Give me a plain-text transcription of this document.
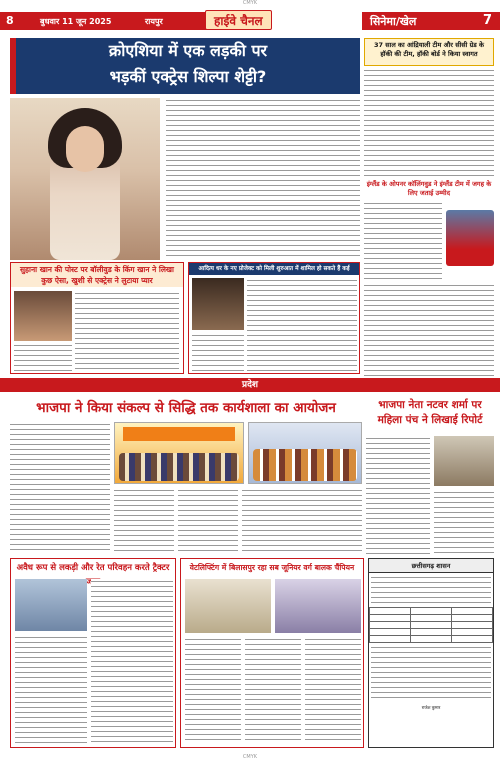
CMYK
8	बुधवार 11 जून 2025	रायपुर	हाईवे चैनल	सिनेमा/खेल	7
क्रोएशिया में एक लड़की पर
भड़कीं एक्ट्रेस शिल्पा शेट्टी?
37 साल का आंद्रियाली टीम और सीसी ग्रेड के हॉकी की टीम, हॉकी बोर्ड ने किया स्वागत
इंग्लैंड के ओपनर कॉलिंगवुड ने इंग्लैंड टीम में जगह के लिए जताई उम्मीद
सुहाना खान की पोस्ट पर बॉलीवुड के किंग खान ने लिखा कुछ ऐसा, खुशी से एक्ट्रेस ने लुटाया प्यार
आदित्य धर के नए प्रोजेक्ट को मिली शुरुआत में शामिल हो सकते हैं कई
प्रदेश
भाजपा ने किया संकल्प से सिद्धि तक कार्यशाला का आयोजन	भाजपा नेता नटवर शर्मा पर महिला पंच ने लिखाई रिपोर्ट
अवैध रूप से लकड़ी और रेत परिवहन करते ट्रैक्टर	वेटलिफ्टिंग में बिलासपुर रहा सब जूनियर वर्ग बालक चैंपियन	छत्तीसगढ़ शासन

राजेश कुमार
CMYK
